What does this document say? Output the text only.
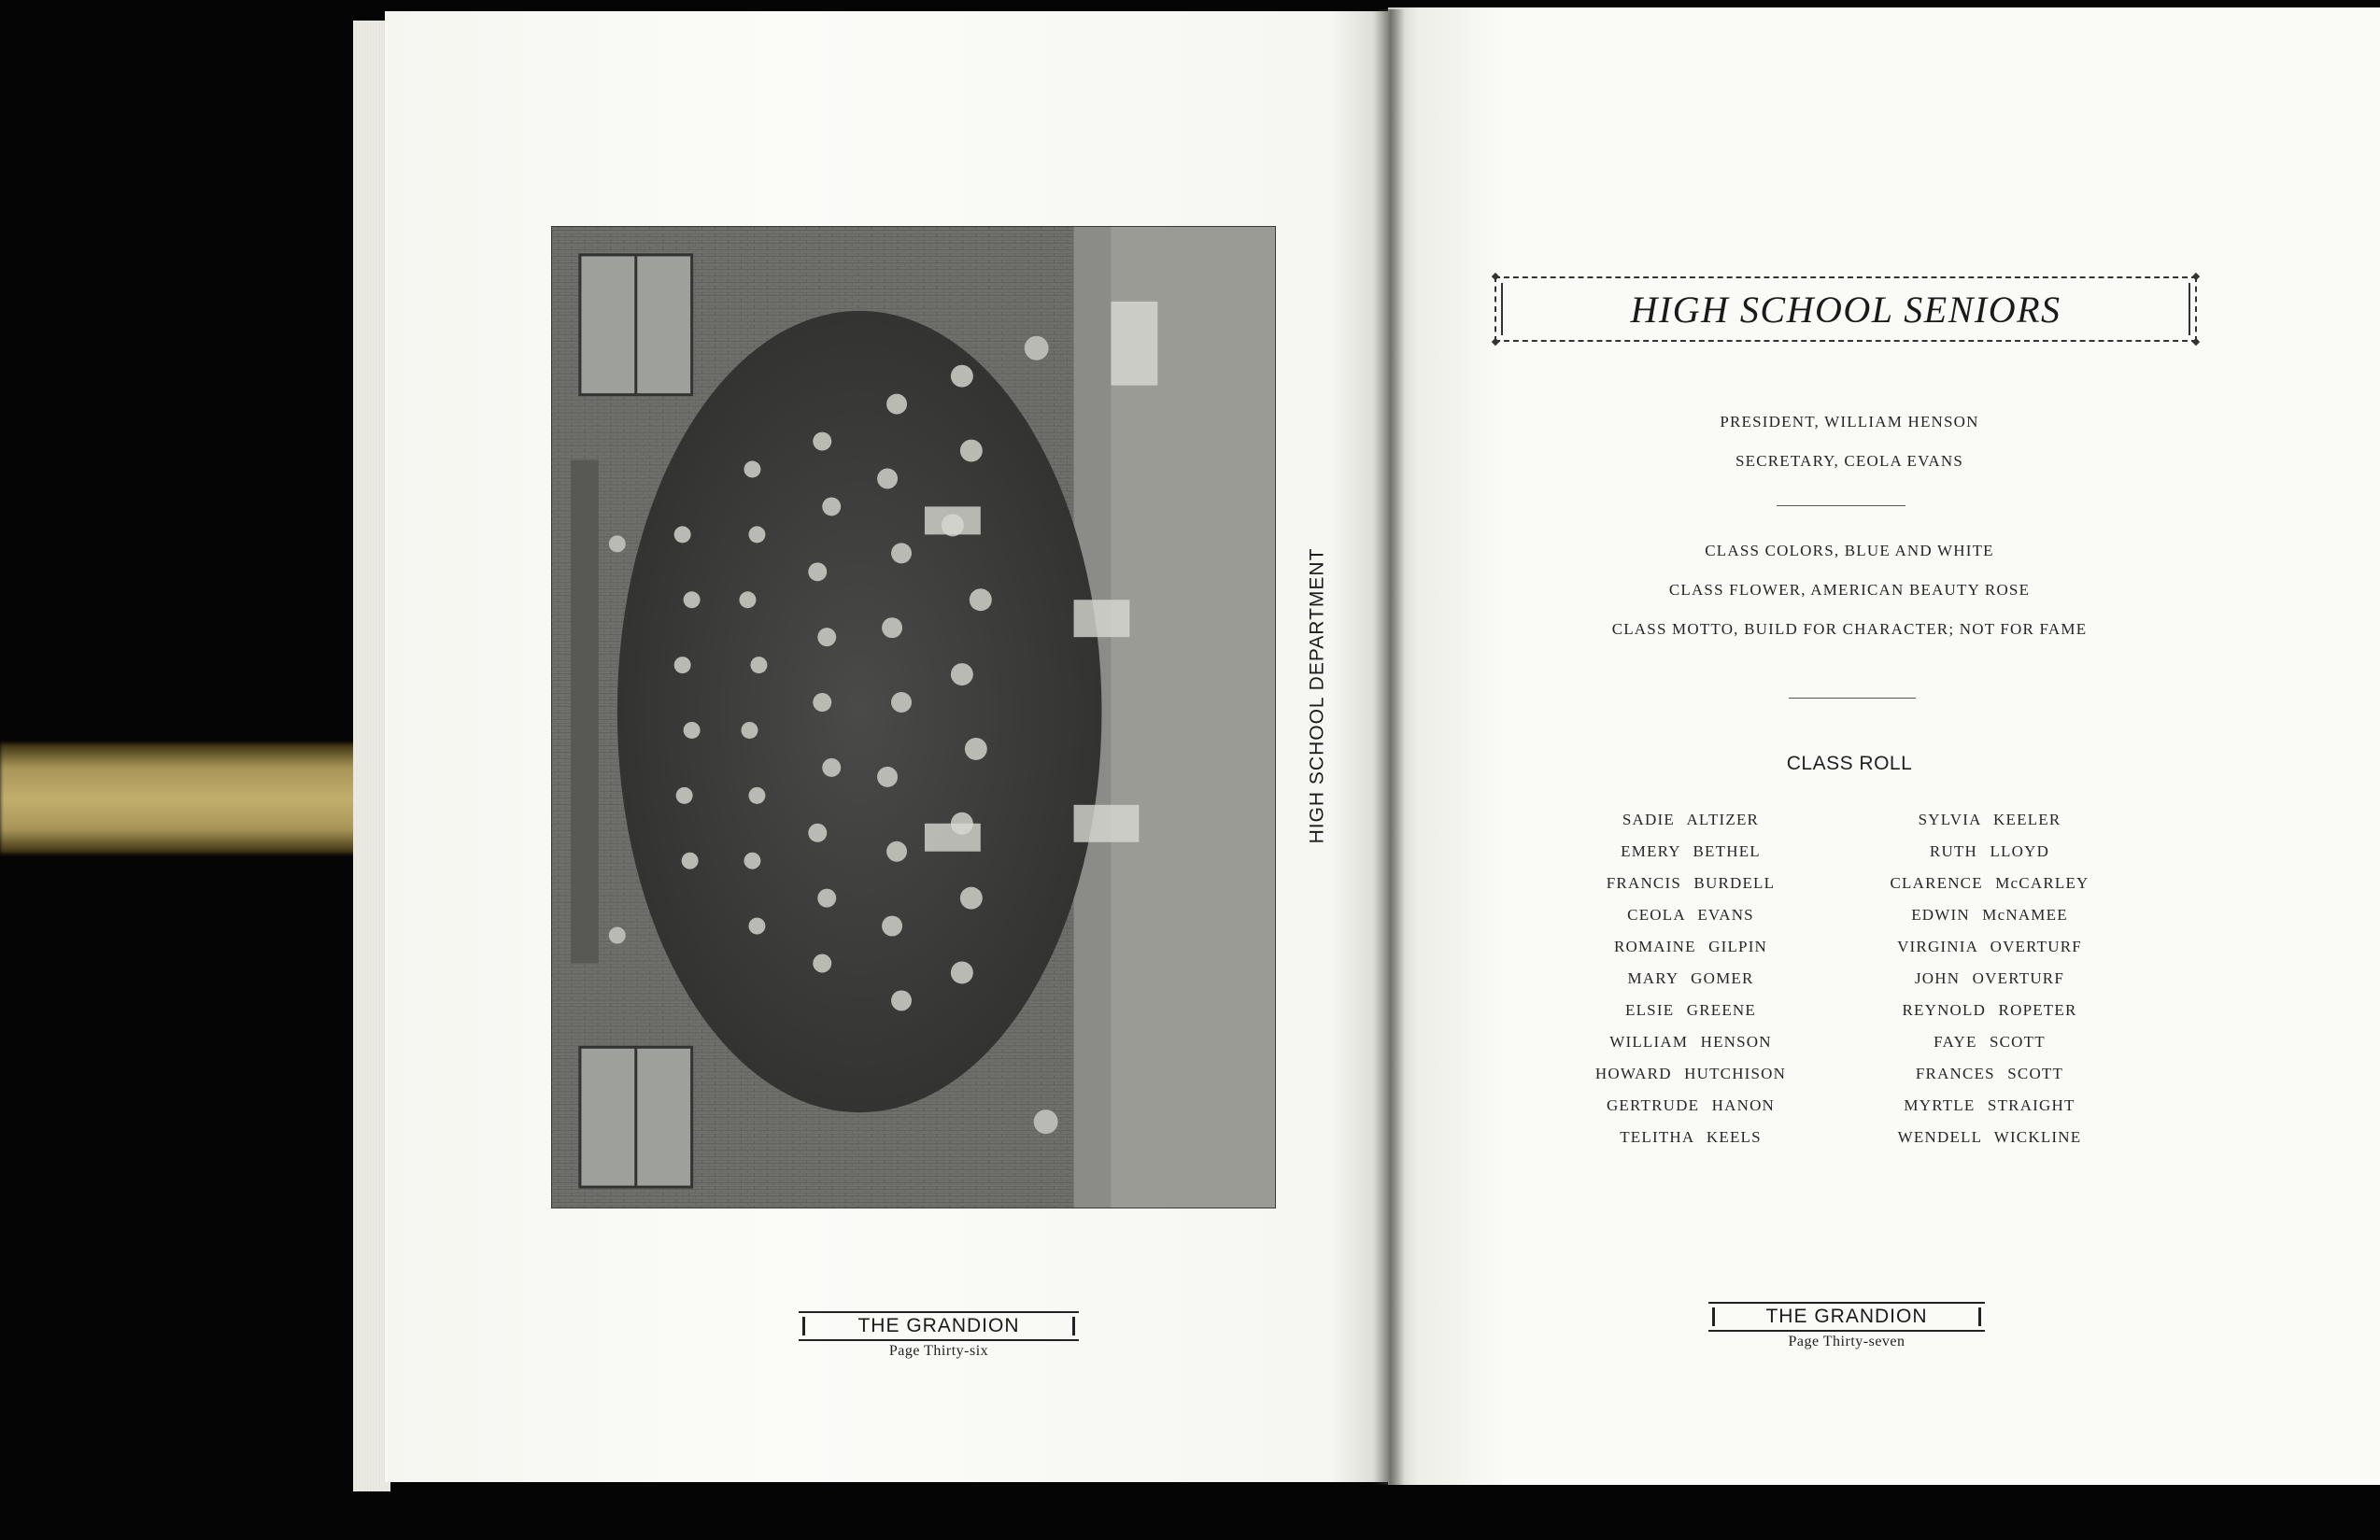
HIGH SCHOOL DEPARTMENT
THE GRANDION
Page Thirty-six
◆	◆
◆	◆
HIGH SCHOOL SENIORS
PRESIDENT, WILLIAM HENSON
SECRETARY, CEOLA EVANS
CLASS COLORS, BLUE AND WHITE
CLASS FLOWER, AMERICAN BEAUTY ROSE
CLASS MOTTO, BUILD FOR CHARACTER; NOT FOR FAME
CLASS ROLL
SADIE ALTIZER
EMERY BETHEL
FRANCIS BURDELL
CEOLA EVANS
ROMAINE GILPIN
MARY GOMER
ELSIE GREENE
WILLIAM HENSON
HOWARD HUTCHISON
GERTRUDE HANON
TELITHA KEELS
SYLVIA KEELER
RUTH LLOYD
CLARENCE McCARLEY
EDWIN McNAMEE
VIRGINIA OVERTURF
JOHN OVERTURF
REYNOLD ROPETER
FAYE SCOTT
FRANCES SCOTT
MYRTLE STRAIGHT
WENDELL WICKLINE
THE GRANDION
Page Thirty-seven
